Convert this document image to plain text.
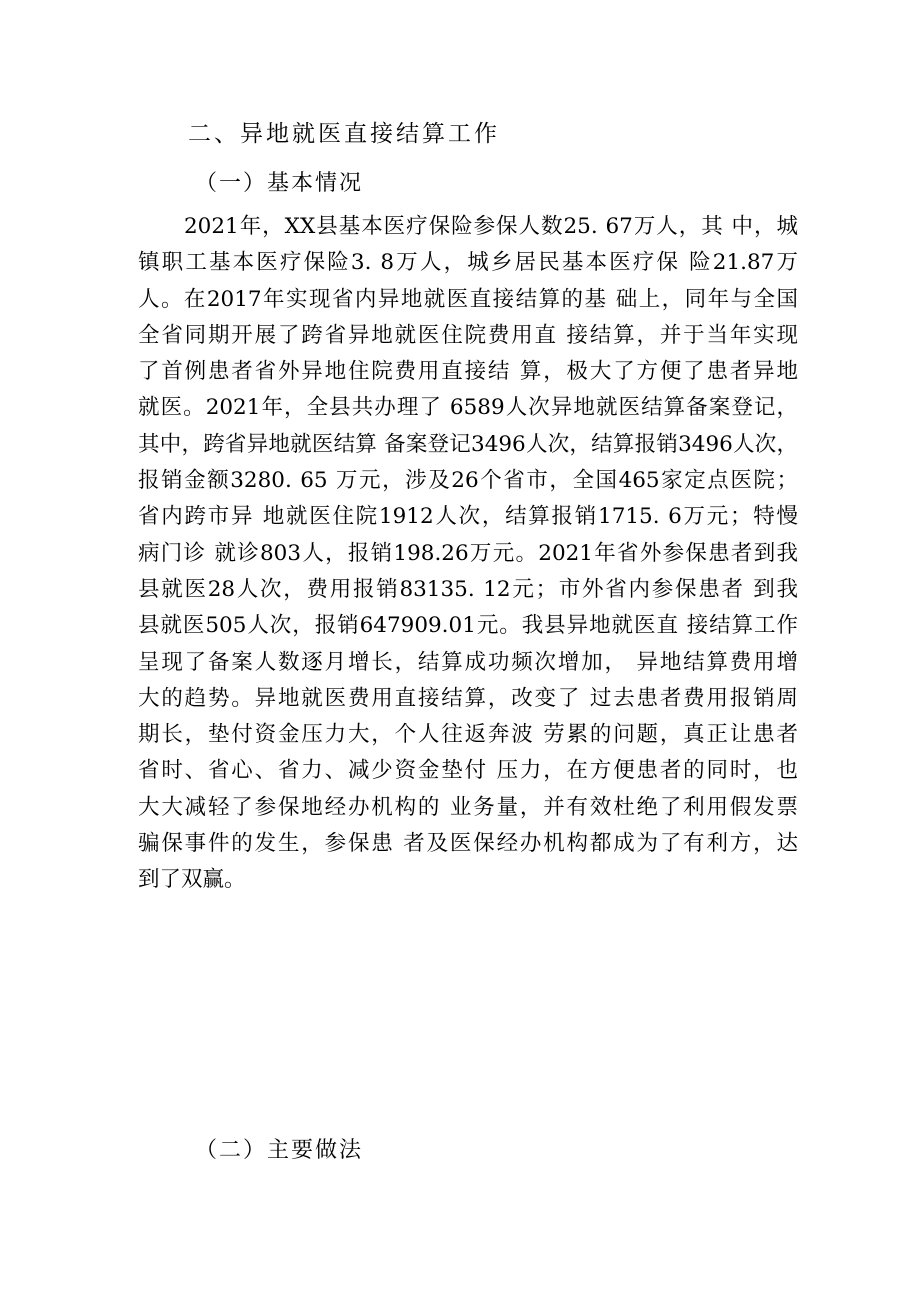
二、异地就医直接结算工作
（一）基本情况
2021年，XX县基本医疗保险参保人数25. 67万人，其 中，城
镇职工基本医疗保险3. 8万人，城乡居民基本医疗保 险21.87万
人。在2017年实现省内异地就医直接结算的基 础上，同年与全国
全省同期开展了跨省异地就医住院费用直 接结算，并于当年实现
了首例患者省外异地住院费用直接结 算，极大了方便了患者异地
就医。2021年，全县共办理了 6589人次异地就医结算备案登记，
其中，跨省异地就医结算 备案登记3496人次，结算报销3496人次，
报销金额3280. 65 万元，涉及26个省市，全国465家定点医院；
省内跨市异 地就医住院1912人次，结算报销1715. 6万元；特慢
病门诊 就诊803人，报销198.26万元。2021年省外参保患者到我
县就医28人次，费用报销83135. 12元；市外省内参保患者 到我
县就医505人次，报销647909.01元。我县异地就医直 接结算工作
呈现了备案人数逐月增长，结算成功频次增加， 异地结算费用增
大的趋势。异地就医费用直接结算，改变了 过去患者费用报销周
期长，垫付资金压力大，个人往返奔波 劳累的问题，真正让患者
省时、省心、省力、减少资金垫付 压力，在方便患者的同时，也
大大减轻了参保地经办机构的 业务量，并有效杜绝了利用假发票
骗保事件的发生，参保患 者及医保经办机构都成为了有利方，达
到了双赢。
（二）主要做法
